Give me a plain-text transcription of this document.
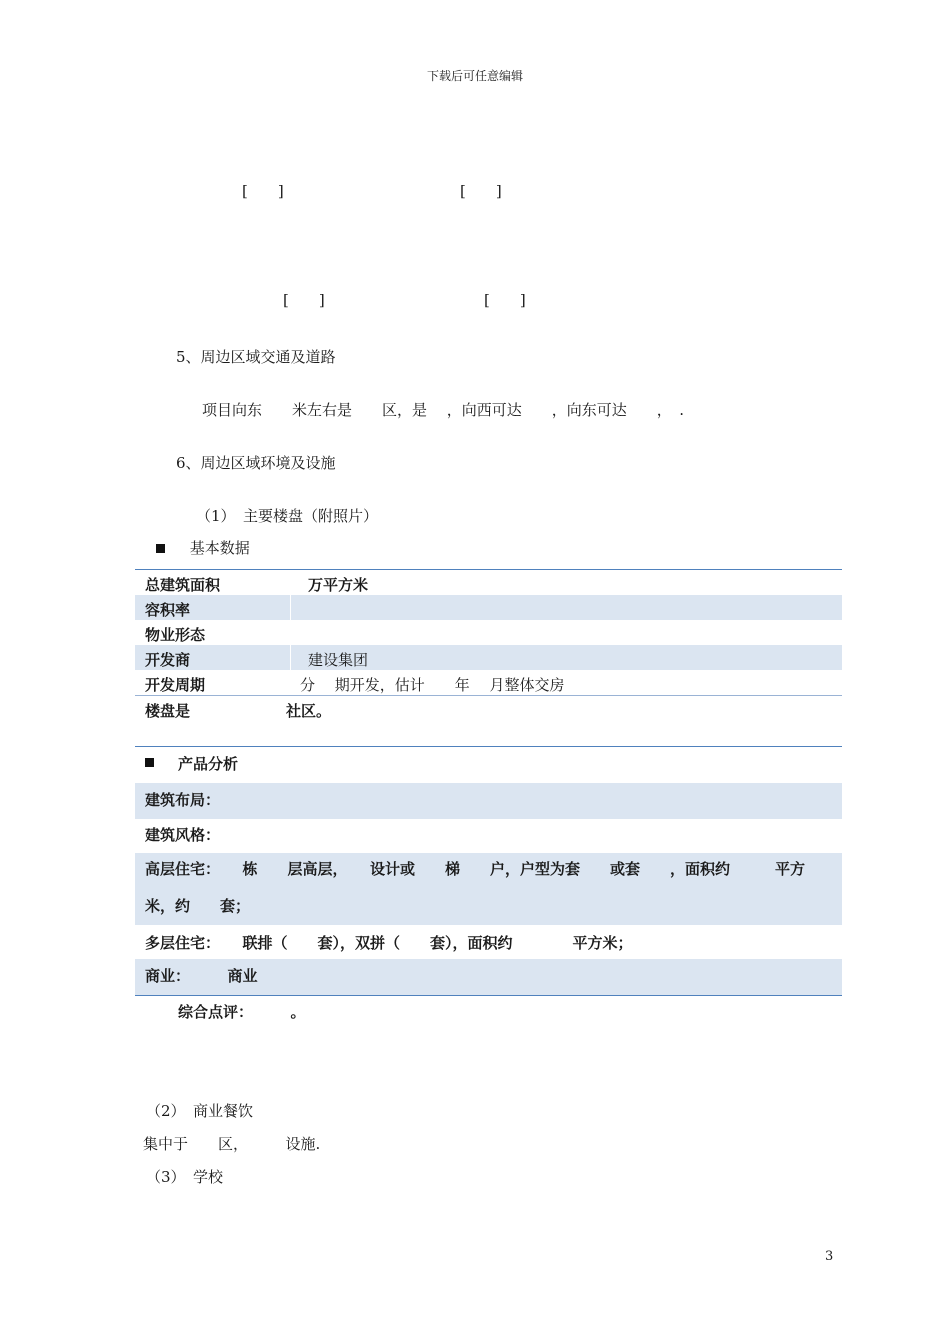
下载后可任意编辑
[　　]	[　　]
[　　]	[　　]
5、周边区域交通及道路
项目向东　　米左右是　　区，是　 ，向西可达　　，向东可达　　，　.
6、周边区域环境及设施
（1）　主要楼盘（附照片）
基本数据
总建筑面积	万平方米
容积率
物业形态
开发商	建设集团
开发周期	分　 期开发，估计　　年　 月整体交房
楼盘是	社区。
产品分析
建筑布局：
建筑风格：
高层住宅：　　栋　　层高层，　　设计或　　梯　　户，户型为套　　或套　　，面积约　　　平方
米，约　　套；
多层住宅：　　联排（　　套），双拼（　　套），面积约　　　　平方米；
商业：　　　商业
综合点评：　　　。
（2）　商业餐饮
集中于　　区，　　　设施.
（3）　学校
3
